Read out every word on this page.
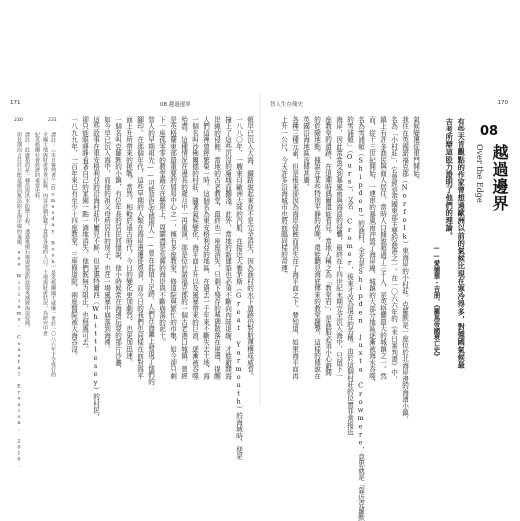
171	08 越過邊界
頓早已沉入大海，鐵路說起來並不是完全消失，因為漁村的水下遺跡仍對航運構成威脅。
一八八〇年，一艘來自歐洲大陸的汽船，在接近大雅茅斯（Great Yarmouth）的海域時，便是
撞上了這些沉沒的廢墟而擱淺。此外，當地的新建築也必須不斷向內陸退縮，才能避開海
岸線的侵蝕。當地的古老教堂，最終也一座座消失，只剩下殘存的墓碑散落在崖邊，提醒
人們這裡曾經繁榮一時。這個名為東安格利亞的地區，在過去一千年來不斷失去土地，海
一個名叫沙佛爾德的村莊，隨著氣候變化，海平面上升以及風暴帶來的巨浪，逐漸被吞噬
殆盡，這種情況在漫長的歲月中一再重演。那是位於諾福克郡的一個古老港口城鎮，曾經
是英格蘭東部最重要的貿易中心之一，擁有多座教堂、修道院與繁忙的市集，如今卻只剩
下一座孤零零的教堂矗立在懸崖上，周圍盡是荒蕪的海岸與不斷崩落的泥土。
智人的早期祖先——可能是尼安德塔人——曾在此留下足跡，人們在海灘上發現了他們的
腳印。在那個年代，這些早期的人類在海岸邊遷徙覓食，而今日的我們也同樣在面對海平
面上升所帶來的挑戰。當然，相較於遠古時代，今日的變化更加劇烈，也更加迅速。
一個名叫克羅默的小鎮，有位年長的居民回憶說，他小時候常在海邊玩耍的那片沙灘，
如今早已沉入海中，而他的祖父母所居住的房子，也在一場風暴中崩落到海裡。
這些故事在東安格利亞的沿海村莊中屢見不鮮，但是惠特爾西（Whittlesey）的村民，
卻只能眼睜睜看著自己的家園一點一滴地消失。他們既無力阻止，也無處可去。
一八九九年，一百年來已有至少十四座教堂、三座修道院、兩座醫院被大海吞沒。
231
230
譯註：《末日審判書》（Domesday Book）是英格蘭國王威廉一世於一〇八六年下令進行的
全國土地與財產普查記錄，內容詳細記載了當時各地的人口、土地與財產狀況，為研究中世
紀英格蘭社會經濟的重要史料。
譯註：此處指的是一種沿海洪水防禦工程，透過堆砌石塊與建造防波堤來減緩海浪侵蝕，
但長期而言往往只能延緩而無法阻止海岸線的退縮。see Williams, Coastal Erosion, 2010.
智人生存簡史	170
08
越過邊界
Over the Edge
有些夫肯觀點的作家曾想過歐洲以前的氣候比現在寒冷得多，對德國氣候最
吉考所辯這股力證明了他們的理論。
——愛德華・吉朋，《羅馬帝國衰亡史》
氣候變遷從東門開始。
我住在英國諾福克郡（Norfolk）東海岸的小村莊。克羅默是一座位於北海岸邊的海濱小鎮，
名為「小村莊」，它曾經是英國東部主要的漁港之一。在一〇六六年的《末日審判書》中，
鎮上有許多漁民與商人居住，當時人口據說超過了三千人，是英格蘭最大的城鎮之一。然
而，從十三世紀開始，一連串的暴風雨沖毀了海岸線，城鎮的大部分地區逐漸被海水吞噬，
名為雪浦頓（Shipden）的漁村，全名是Shipden juxta Crowmere，意思就是「靠近克羅默
的雪浦頓」（Ours），又名 Cromer，後來才改為現在的名稱。由於這個村莊的位置非常接近
海岸，因此常常受到暴風雨與海浪的侵襲，最終在十四世紀末期完全沉入海中，只留下一
座教堂的遺跡，在退潮時偶爾還能看見。當地人稱之為「教堂岩」，是漁船必須小心避開
的危險地點。據說在某些特別平靜的夜晚，還能聽見海底傳來的教堂鐘聲，這樣的傳說在
英國沿海地區流傳甚廣。
各種三種元素，但是後來卻因為海岸侵蝕而消失在了海平面之下。要知道，如果海平面再
上升一公尺，今天許多沿海城市也將面臨同樣的命運。
